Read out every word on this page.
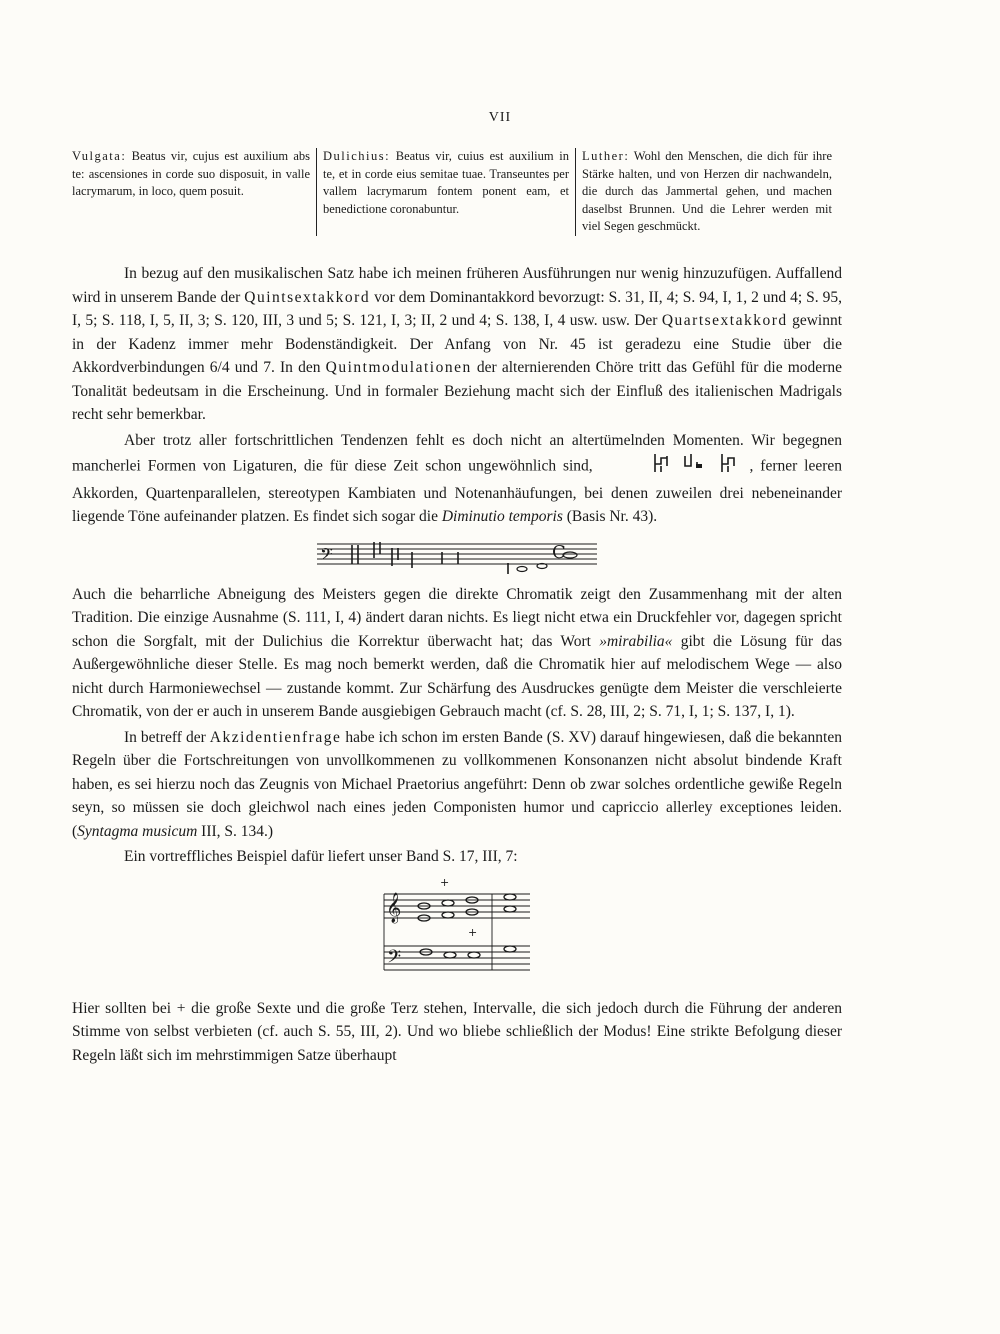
VII
Vulgata: Beatus vir, cujus est auxilium abs te: ascensiones in corde suo disposuit, in valle lacrymarum, in loco, quem posuit.
Dulichius: Beatus vir, cuius est auxilium in te, et in corde eius semitae tuae. Transeuntes per vallem lacrymarum fontem ponent eam, et benedictione coronabuntur.
Luther: Wohl den Menschen, die dich für ihre Stärke halten, und von Herzen dir nachwandeln, die durch das Jammertal gehen, und machen daselbst Brunnen. Und die Lehrer werden mit viel Segen geschmückt.

In bezug auf den musikalischen Satz habe ich meinen früheren Ausführungen nur wenig hinzuzufügen. Auffallend wird in unserem Bande der Quintsextakkord vor dem Dominantakkord bevorzugt: S. 31, II, 4; S. 94, I, 1, 2 und 4; S. 95, I, 5; S. 118, I, 5, II, 3; S. 120, III, 3 und 5; S. 121, I, 3; II, 2 und 4; S. 138, I, 4 usw. usw. Der Quartsextakkord gewinnt in der Kadenz immer mehr Bodenständigkeit. Der Anfang von Nr. 45 ist geradezu eine Studie über die Akkordverbindungen 6/4 und 7. In den Quintmodulationen der alternierenden Chöre tritt das Gefühl für die moderne Tonalität bedeutsam in die Erscheinung. Und in formaler Beziehung macht sich der Einfluß des italienischen Madrigals recht sehr bemerkbar.

Aber trotz aller fortschrittlichen Tendenzen fehlt es doch nicht an altertümelnden Momenten. Wir begegnen mancherlei Formen von Ligaturen, die für diese Zeit schon ungewöhnlich sind,	, ferner leeren Akkorden, Quartenparallelen, stereotypen Kambiaten und Notenanhäufungen, bei denen zuweilen drei nebeneinander liegende Töne aufeinander platzen. Es findet sich sogar die Diminutio temporis (Basis Nr. 43).

𝄢	C

Auch die beharrliche Abneigung des Meisters gegen die direkte Chromatik zeigt den Zusammenhang mit der alten Tradition. Die einzige Ausnahme (S. 111, I, 4) ändert daran nichts. Es liegt nicht etwa ein Druckfehler vor, dagegen spricht schon die Sorgfalt, mit der Dulichius die Korrektur überwacht hat; das Wort »mirabilia« gibt die Lösung für das Außergewöhnliche dieser Stelle. Es mag noch bemerkt werden, daß die Chromatik hier auf melodischem Wege — also nicht durch Harmoniewechsel — zustande kommt. Zur Schärfung des Ausdruckes genügte dem Meister die verschleierte Chromatik, von der er auch in unserem Bande ausgiebigen Gebrauch macht (cf. S. 28, III, 2; S. 71, I, 1; S. 137, I, 1).

In betreff der Akzidentienfrage habe ich schon im ersten Bande (S. XV) darauf hingewiesen, daß die bekannten Regeln über die Fortschreitungen von unvollkommenen zu vollkommenen Konsonanzen nicht absolut bindende Kraft haben, es sei hierzu noch das Zeugnis von Michael Praetorius angeführt: Denn ob zwar solches ordentliche gewiße Regeln seyn, so müssen sie doch gleichwol nach eines jeden Componisten humor und capriccio allerley exceptiones leiden. (Syntagma musicum III, S. 134.)

Ein vortreffliches Beispiel dafür liefert unser Band S. 17, III, 7:

𝄞
𝄢
+
+

Hier sollten bei + die große Sexte und die große Terz stehen, Intervalle, die sich jedoch durch die Führung der anderen Stimme von selbst verbieten (cf. auch S. 55, III, 2). Und wo bliebe schließlich der Modus! Eine strikte Befolgung dieser Regeln läßt sich im mehrstimmigen Satze überhaupt
